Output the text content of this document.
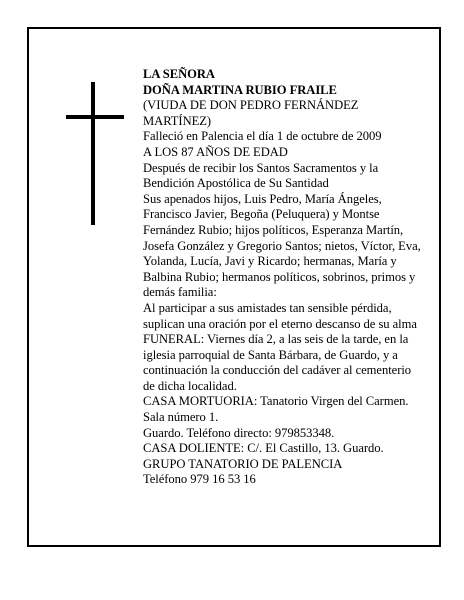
LA SEÑORA
DOÑA MARTINA RUBIO FRAILE
(VIUDA DE DON PEDRO FERNÁNDEZ
MARTÍNEZ)
Falleció en Palencia el día 1 de octubre de 2009
A LOS 87 AÑOS DE EDAD
Después de recibir los Santos Sacramentos y la
Bendición Apostólica de Su Santidad
Sus apenados hijos, Luis Pedro, María Ángeles,
Francisco Javier, Begoña (Peluquera) y Montse
Fernández Rubio; hijos políticos, Esperanza Martín,
Josefa González y Gregorio Santos; nietos, Víctor, Eva,
Yolanda, Lucía, Javi y Ricardo; hermanas, María y
Balbina Rubio; hermanos políticos, sobrinos, primos y
demás familia:
Al participar a sus amistades tan sensible pérdida,
suplican una oración por el eterno descanso de su alma
FUNERAL: Viernes día 2, a las seis de la tarde, en la
iglesia parroquial de Santa Bárbara, de Guardo, y a
continuación la conducción del cadáver al cementerio
de dicha localidad.
CASA MORTUORIA: Tanatorio Virgen del Carmen.
Sala número 1.
Guardo. Teléfono directo: 979853348.
CASA DOLIENTE: C/. El Castillo, 13. Guardo.
GRUPO TANATORIO DE PALENCIA
Teléfono 979 16 53 16
